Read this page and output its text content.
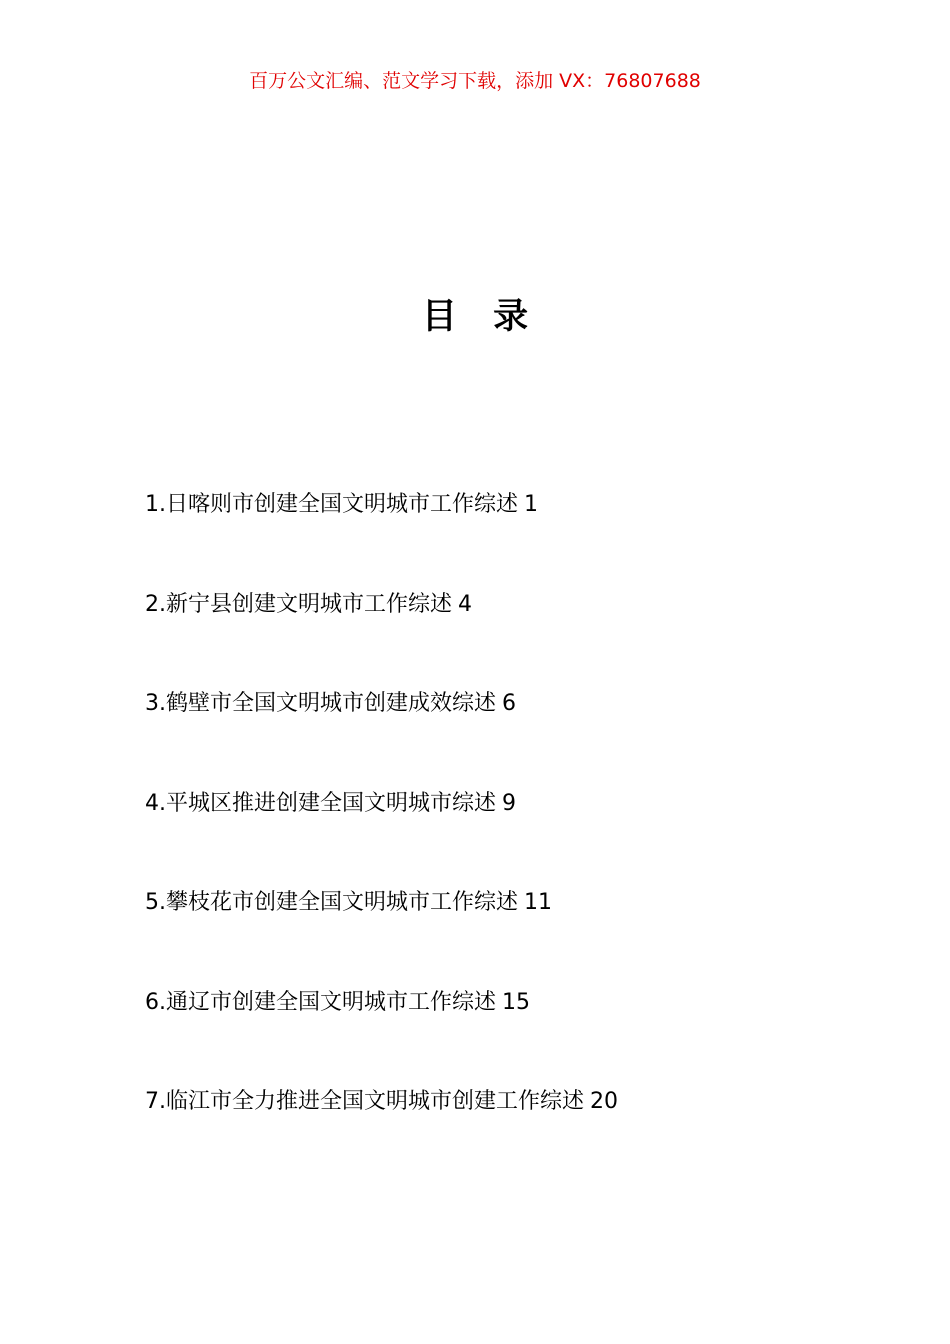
百万公文汇编、范文学习下载，添加 VX：76807688
目 录
1.日喀则市创建全国文明城市工作综述 1
2.新宁县创建文明城市工作综述 4
3.鹤壁市全国文明城市创建成效综述 6
4.平城区推进创建全国文明城市综述 9
5.攀枝花市创建全国文明城市工作综述 11
6.通辽市创建全国文明城市工作综述 15
7.临江市全力推进全国文明城市创建工作综述 20
